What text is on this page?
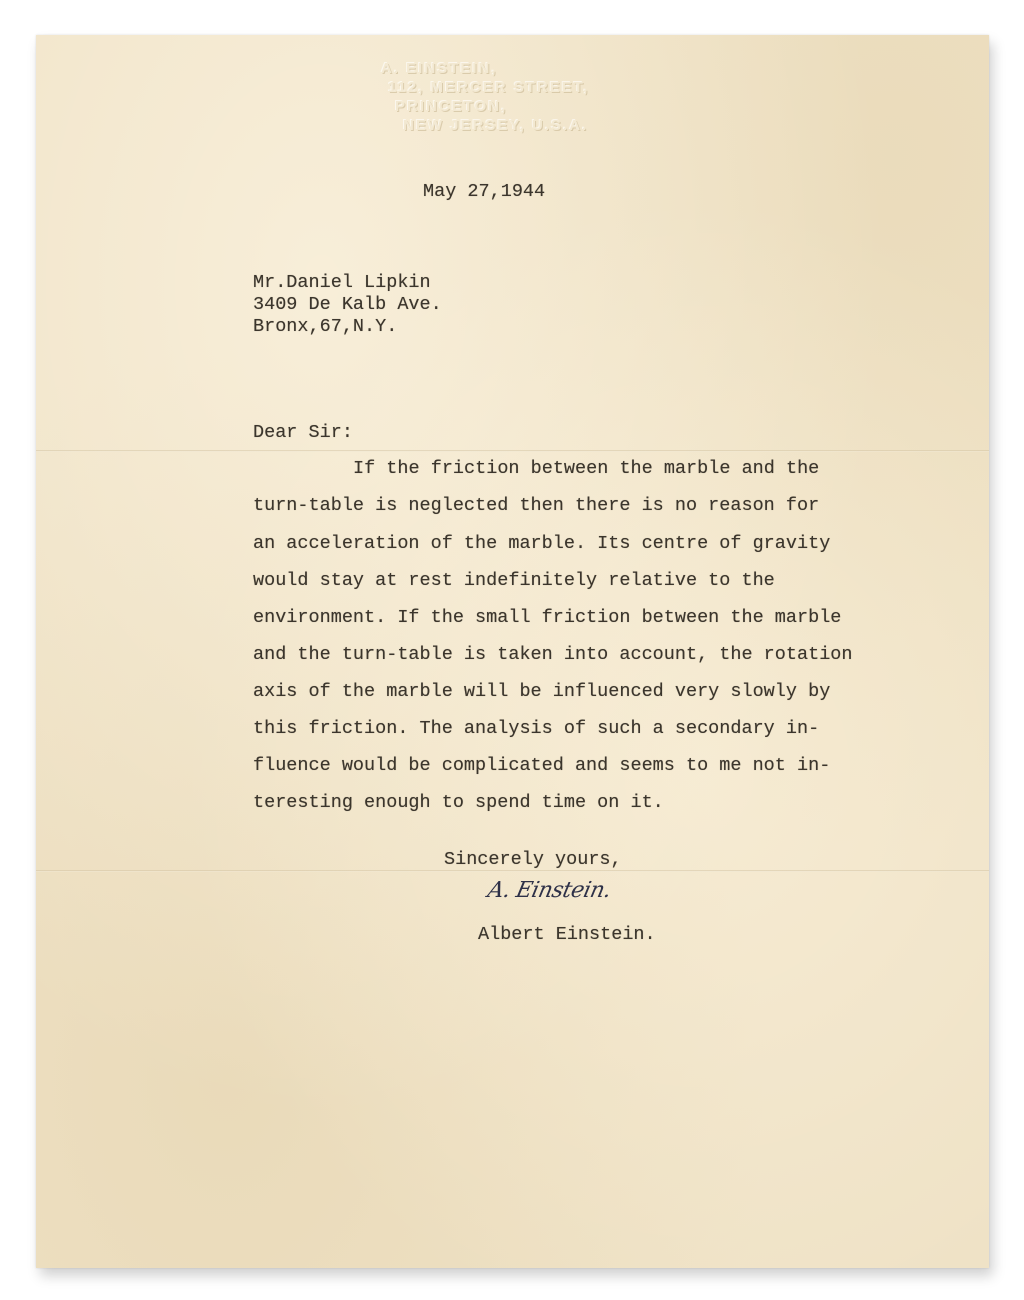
A. EINSTEIN,
112, MERCER STREET,
PRINCETON,
NEW JERSEY, U.S.A.
May 27,1944
Mr.Daniel Lipkin
3409 De Kalb Ave.
Bronx,67,N.Y.
Dear Sir:
If the friction between the marble and the
turn-table is neglected then there is no reason for
an acceleration of the marble. Its centre of gravity
would stay at rest indefinitely relative to the
environment. If the small friction between the marble
and the turn-table is taken into account, the rotation
axis of the marble will be influenced very slowly by
this friction. The analysis of such a secondary in-
fluence would be complicated and seems to me not in-
teresting enough to spend time on it.
Sincerely yours,
A. Einstein.
Albert Einstein.
